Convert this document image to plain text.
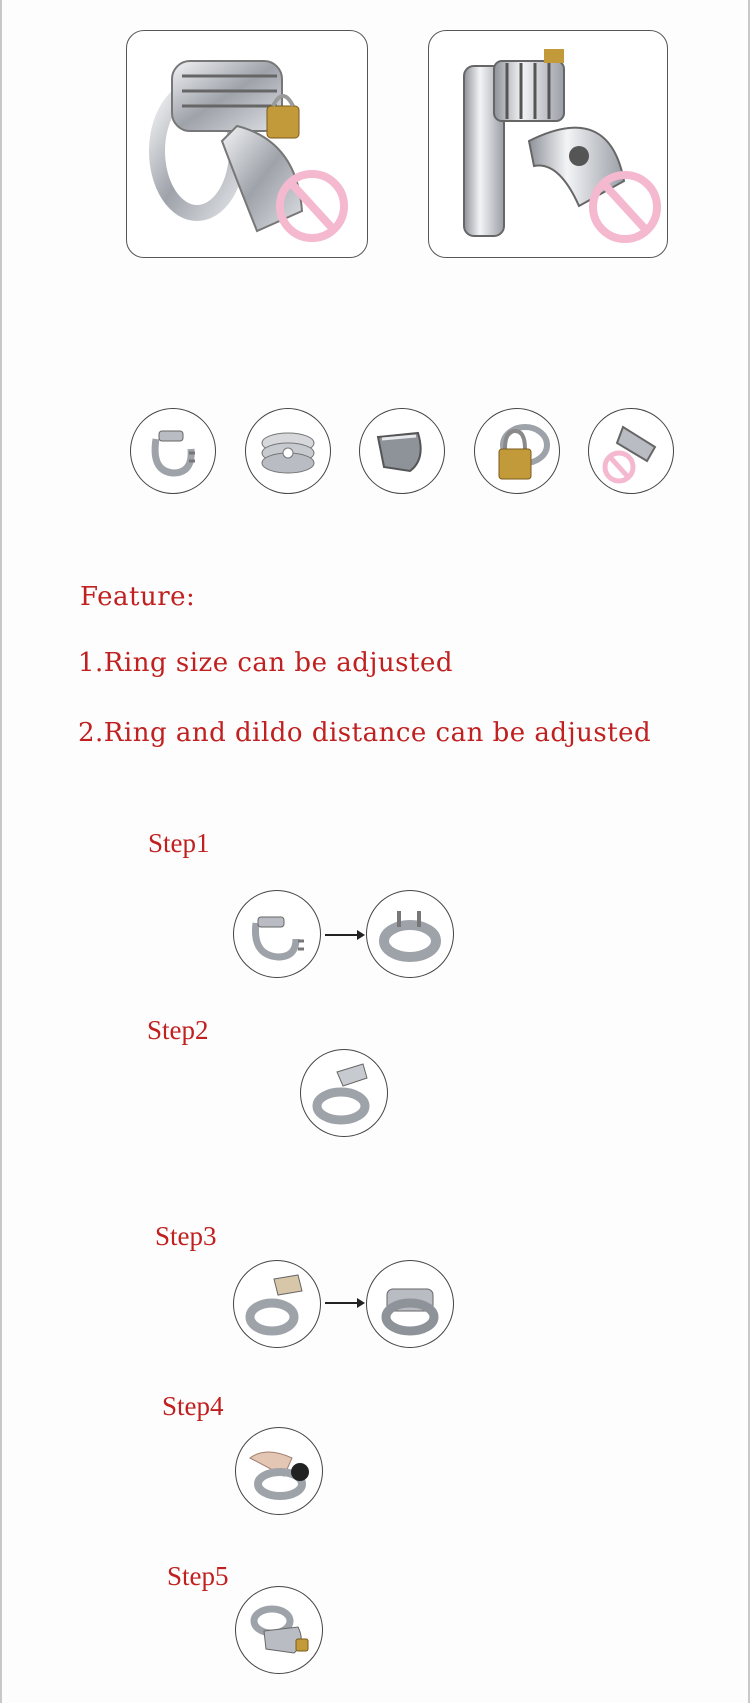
Feature:
1.Ring size can be adjusted
2.Ring and dildo distance can be adjusted
Step1
Step2
Step3
Step4
Step5
